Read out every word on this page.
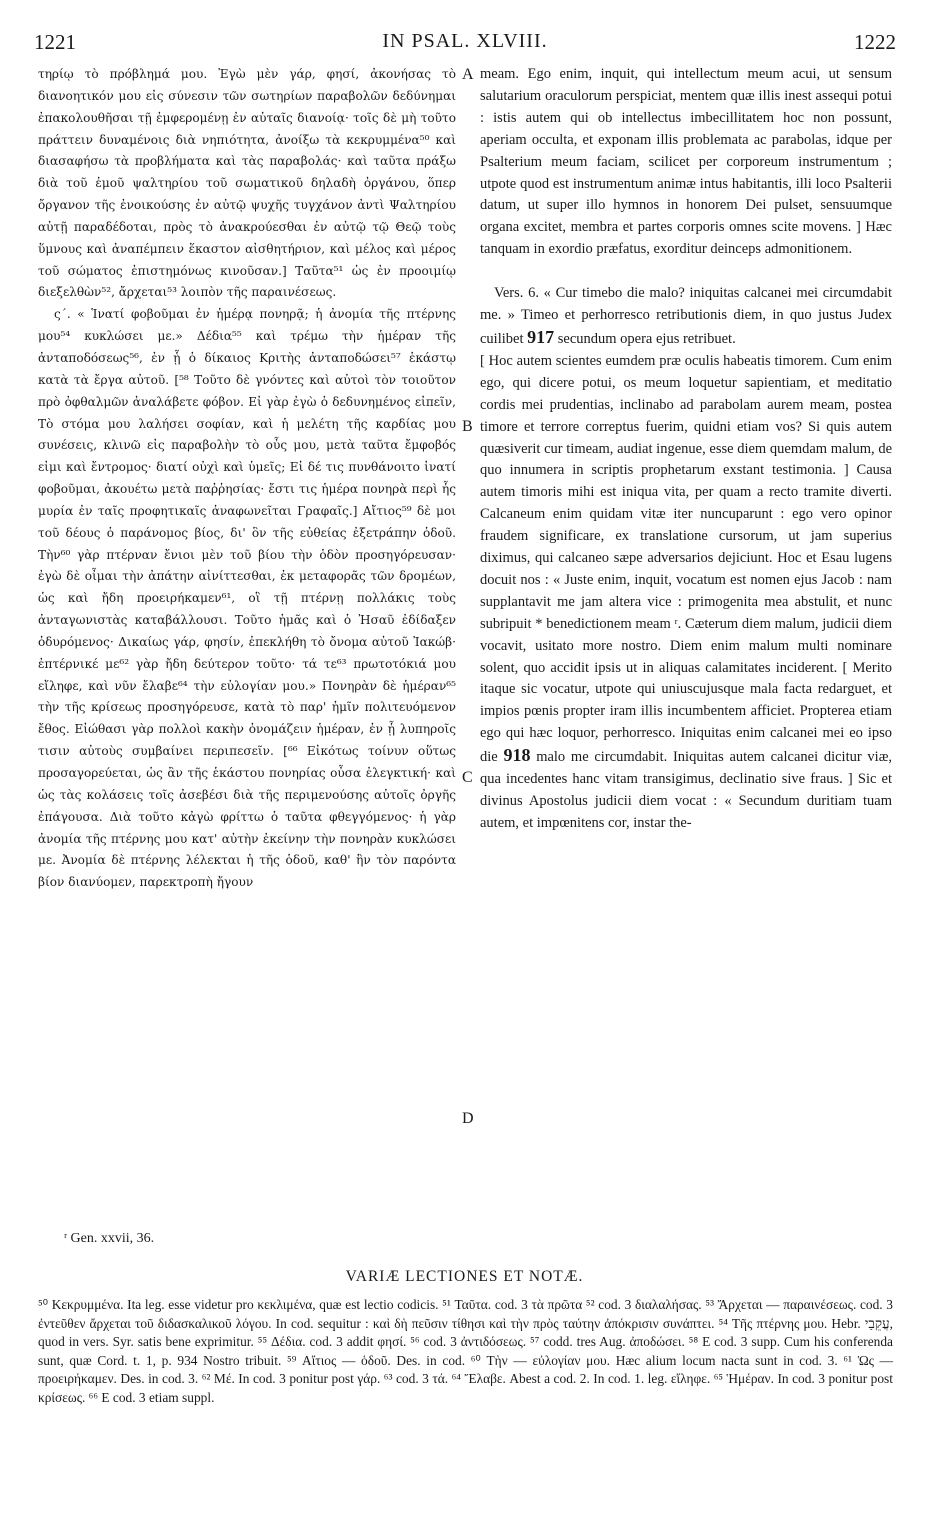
1221	IN PSAL. XLVIII.	1222

τηρίῳ τὸ πρόβλημά μου. Ἐγὼ μὲν γάρ, φησί, ἀκονήσας τὸ διανοητικόν μου εἰς σύνεσιν τῶν σωτηρίων παραβολῶν δεδύνημαι ἐπακολουθῆσαι τῇ ἐμφερομένῃ ἐν αὐταῖς διανοίᾳ· τοῖς δὲ μὴ τοῦτο πράττειν δυναμένοις διὰ νηπιότητα, ἀνοίξω τὰ κεκρυμμένα⁵⁰ καὶ διασαφήσω τὰ προβλήματα καὶ τὰς παραβολάς· καὶ ταῦτα πράξω διὰ τοῦ ἐμοῦ ψαλτηρίου τοῦ σωματικοῦ δηλαδὴ ὀργάνου, ὅπερ ὄργανον τῆς ἐνοικούσης ἐν αὐτῷ ψυχῆς τυγχάνον ἀντὶ Ψαλτηρίου αὐτῇ παραδέδοται, πρὸς τὸ ἀνακρούεσθαι ἐν αὐτῷ τῷ Θεῷ τοὺς ὕμνους καὶ ἀναπέμπειν ἕκαστον αἰσθητήριον, καὶ μέλος καὶ μέρος τοῦ σώματος ἐπιστημόνως κινοῦσαν.] Ταῦτα⁵¹ ὡς ἐν προοιμίῳ διεξελθὼν⁵², ἄρχεται⁵³ λοιπὸν τῆς παραινέσεως.

ς´. « Ἱνατί φοβοῦμαι ἐν ἡμέρᾳ πονηρᾷ; ἡ ἀνομία τῆς πτέρνης μου⁵⁴ κυκλώσει με.» Δέδια⁵⁵ καὶ τρέμω τὴν ἡμέραν τῆς ἀνταποδόσεως⁵⁶, ἐν ᾗ ὁ δίκαιος Κριτὴς ἀνταποδώσει⁵⁷ ἑκάστῳ κατὰ τὰ ἔργα αὐτοῦ. [⁵⁸ Τοῦτο δὲ γνόντες καὶ αὐτοὶ τὸν τοιοῦτον πρὸ ὀφθαλμῶν ἀναλάβετε φόβον. Εἰ γὰρ ἐγὼ ὁ δεδυνημένος εἰπεῖν, Τὸ στόμα μου λαλήσει σοφίαν, καὶ ἡ μελέτη τῆς καρδίας μου συνέσεις, κλινῶ εἰς παραβολὴν τὸ οὖς μου, μετὰ ταῦτα ἔμφοβός εἰμι καὶ ἔντρομος· διατί οὐχὶ καὶ ὑμεῖς; Εἰ δέ τις πυνθάνοιτο ἱνατί φοβοῦμαι, ἀκουέτω μετὰ παῤῥησίας· ἔστι τις ἡμέρα πονηρὰ περὶ ἧς μυρία ἐν ταῖς προφητικαῖς ἀναφωνεῖται Γραφαῖς.] Αἴτιος⁵⁹ δὲ μοι τοῦ δέους ὁ παράνομος βίος, δι' ὃν τῆς εὐθείας ἐξετράπην ὁδοῦ. Τὴν⁶⁰ γὰρ πτέρναν ἔνιοι μὲν τοῦ βίου τὴν ὁδὸν προσηγόρευσαν· ἐγὼ δὲ οἶμαι τὴν ἀπάτην αἰνίττεσθαι, ἐκ μεταφορᾶς τῶν δρομέων, ὡς καὶ ἤδη προειρήκαμεν⁶¹, οἳ τῇ πτέρνῃ πολλάκις τοὺς ἀνταγωνιστὰς καταβάλλουσι. Τοῦτο ἡμᾶς καὶ ὁ Ἠσαῦ ἐδίδαξεν ὀδυρόμενος· Δικαίως γάρ, φησίν, ἐπεκλήθη τὸ ὄνομα αὐτοῦ Ἰακώβ· ἐπτέρνικέ με⁶² γὰρ ἤδη δεύτερον τοῦτο· τά τε⁶³ πρωτοτόκιά μου εἴληφε, καὶ νῦν ἔλαβε⁶⁴ τὴν εὐλογίαν μου.» Πονηρὰν δὲ ἡμέραν⁶⁵ τὴν τῆς κρίσεως προσηγόρευσε, κατὰ τὸ παρ' ἡμῖν πολιτευόμενον ἔθος. Εἰώθασι γὰρ πολλοὶ κακὴν ὀνομάζειν ἡμέραν, ἐν ᾗ λυπηροῖς τισιν αὐτοὺς συμβαίνει περιπεσεῖν. [⁶⁶ Εἰκότως τοίνυν οὕτως προσαγορεύεται, ὡς ἂν τῆς ἑκάστου πονηρίας οὖσα ἐλεγκτική· καὶ ὡς τὰς κολάσεις τοῖς ἀσεβέσι διὰ τῆς περιμενούσης αὐτοῖς ὀργῆς ἐπάγουσα. Διὰ τοῦτο κἀγὼ φρίττω ὁ ταῦτα φθεγγόμενος· ἡ γὰρ ἀνομία τῆς πτέρνης μου κατ' αὐτὴν ἐκείνην τὴν πονηρὰν κυκλώσει με. Ἀνομία δὲ πτέρνης λέλεκται ἡ τῆς ὁδοῦ, καθ' ἣν τὸν παρόντα βίον διανύομεν, παρεκτροπὴ ἤγουν

meam. Ego enim, inquit, qui intellectum meum acui, ut sensum salutarium oraculorum perspiciat, mentem quæ illis inest assequi potui : istis autem qui ob intellectus imbecillitatem hoc non possunt, aperiam occulta, et exponam illis problemata ac parabolas, idque per Psalterium meum faciam, scilicet per corporeum instrumentum ; utpote quod est instrumentum animæ intus habitantis, illi loco Psalterii datum, ut super illo hymnos in honorem Dei pulset, sensuumque organa excitet, membra et partes corporis omnes scite movens. ] Hæc tanquam in exordio præfatus, exorditur deinceps admonitionem.

Vers. 6. « Cur timebo die malo? iniquitas calcanei mei circumdabit me. » Timeo et perhorresco retributionis diem, in quo justus Judex cuilibet 917 secundum opera ejus retribuet.

[ Hoc autem scientes eumdem præ oculis habeatis timorem. Cum enim ego, qui dicere potui, os meum loquetur sapientiam, et meditatio cordis mei prudentias, inclinabo ad parabolam aurem meam, postea timore et terrore correptus fuerim, quidni etiam vos? Si quis autem quæsiverit cur timeam, audiat ingenue, esse diem quemdam malum, de quo innumera in scriptis prophetarum exstant testimonia. ] Causa autem timoris mihi est iniqua vita, per quam a recto tramite diverti. Calcaneum enim quidam vitæ iter nuncuparunt : ego vero opinor fraudem significare, ex translatione cursorum, ut jam superius diximus, qui calcaneo sæpe adversarios dejiciunt. Hoc et Esau lugens docuit nos : « Juste enim, inquit, vocatum est nomen ejus Jacob : nam supplantavit me jam altera vice : primogenita mea abstulit, et nunc subripuit * benedictionem meam ʳ. Cæterum diem malum, judicii diem vocavit, usitato more nostro. Diem enim malum multi nominare solent, quo accidit ipsis ut in aliquas calamitates inciderent. [ Merito itaque sic vocatur, utpote qui uniuscujusque mala facta redarguet, et impios pœnis propter iram illis incumbentem afficiet. Propterea etiam ego qui hæc loquor, perhorresco. Iniquitas enim calcanei mei eo ipso die 918 malo me circumdabit. Iniquitas autem calcanei dicitur viæ, qua incedentes hanc vitam transigimus, declinatio sive fraus. ] Sic et divinus Apostolus judicii diem vocat : « Secundum duritiam tuam autem, et impœnitens cor, instar the-

A
B
C
D
ʳ Gen. xxvii, 36.
VARIÆ LECTIONES ET NOTÆ.

⁵⁰ Κεκρυμμένα. Ita leg. esse videtur pro κεκλιμένα, quæ est lectio codicis. ⁵¹ Ταῦτα. cod. 3 τὰ πρῶτα ⁵² cod. 3 διαλαλήσας. ⁵³ Ἄρχεται — παραινέσεως. cod. 3 ἐντεῦθεν ἄρχεται τοῦ διδασκαλικοῦ λόγου. In cod. sequitur : καὶ δὴ πεῦσιν τίθησι καὶ τὴν πρὸς ταύτην ἀπόκρισιν συνάπτει. ⁵⁴ Τῆς πτέρνης μου. Hebr. עֲקֵבַי, quod in vers. Syr. satis bene exprimitur. ⁵⁵ Δέδια. cod. 3 addit φησί. ⁵⁶ cod. 3 ἀντιδόσεως. ⁵⁷ codd. tres Aug. ἀποδώσει. ⁵⁸ E cod. 3 supp. Cum his conferenda sunt, quæ Cord. t. 1, p. 934 Nostro tribuit. ⁵⁹ Αἴτιος — ὁδοῦ. Des. in cod. ⁶⁰ Τὴν — εὐλογίαν μου. Hæc alium locum nacta sunt in cod. 3. ⁶¹ Ὡς — προειρήκαμεν. Des. in cod. 3. ⁶² Μέ. In cod. 3 ponitur post γάρ. ⁶³ cod. 3 τά. ⁶⁴ Ἔλαβε. Abest a cod. 2. In cod. 1. leg. εἴληφε. ⁶⁵ Ἡμέραν. In cod. 3 ponitur post κρίσεως. ⁶⁶ E cod. 3 etiam suppl.
